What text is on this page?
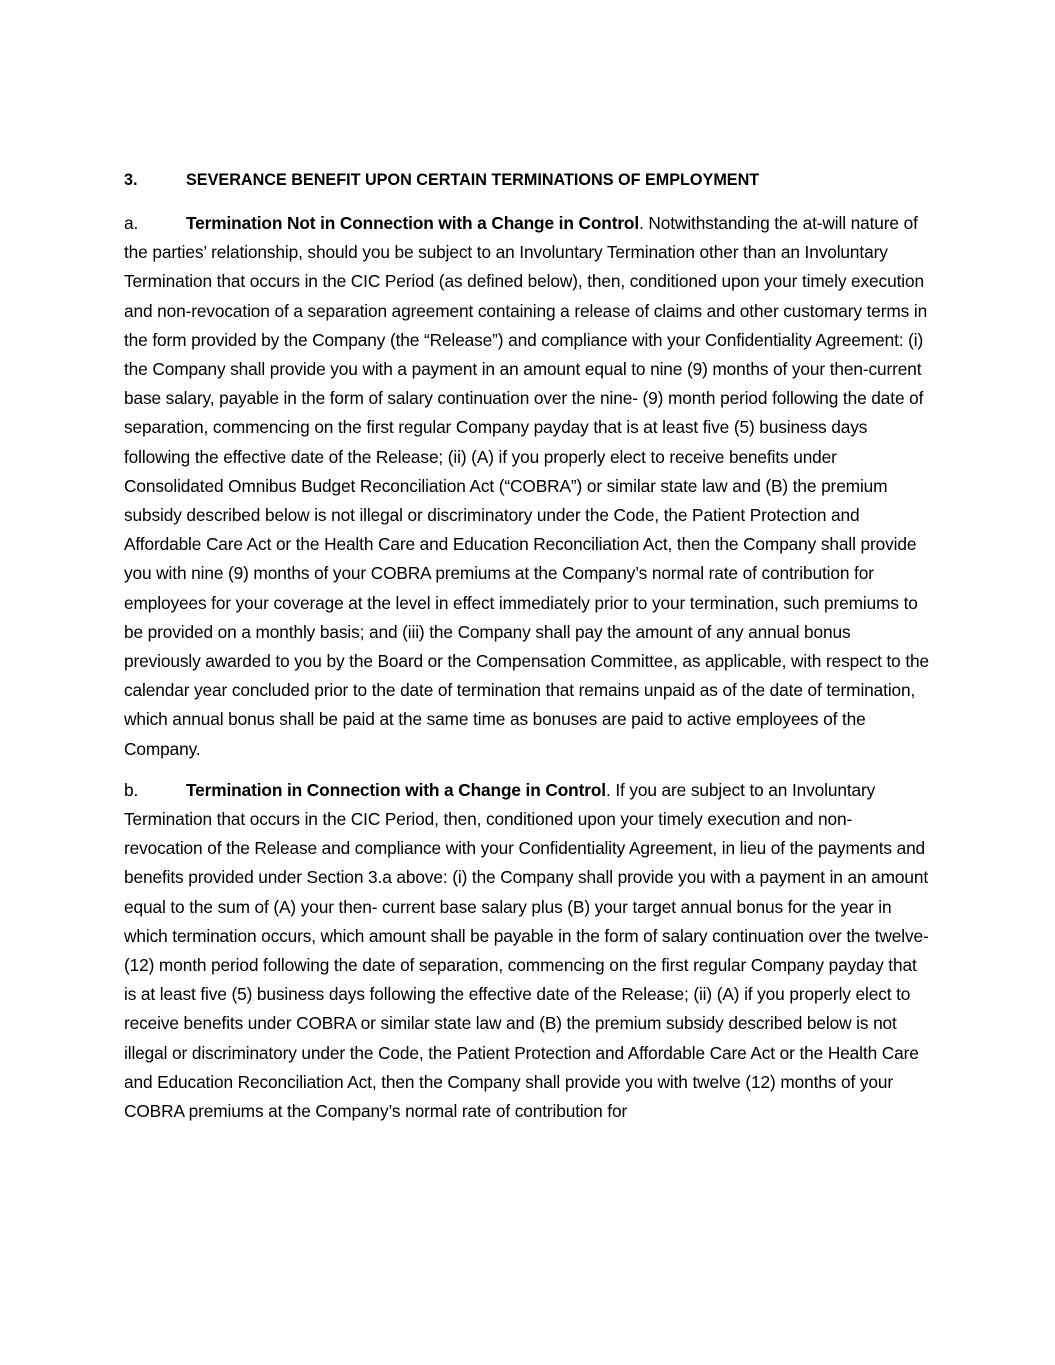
3.	SEVERANCE BENEFIT UPON CERTAIN TERMINATIONS OF EMPLOYMENT

a.	Termination Not in Connection with a Change in Control. Notwithstanding the at-will nature of the parties’ relationship, should you be subject to an Involuntary Termination other than an Involuntary Termination that occurs in the CIC Period (as defined below), then, conditioned upon your timely execution and non-revocation of a separation agreement containing a release of claims and other customary terms in the form provided by the Company (the “Release”) and compliance with your Confidentiality Agreement: (i) the Company shall provide you with a payment in an amount equal to nine (9) months of your then-current base salary, payable in the form of salary continuation over the nine- (9) month period following the date of separation, commencing on the first regular Company payday that is at least five (5) business days following the effective date of the Release; (ii) (A) if you properly elect to receive benefits under Consolidated Omnibus Budget Reconciliation Act (“COBRA”) or similar state law and (B) the premium subsidy described below is not illegal or discriminatory under the Code, the Patient Protection and Affordable Care Act or the Health Care and Education Reconciliation Act, then the Company shall provide you with nine (9) months of your COBRA premiums at the Company’s normal rate of contribution for employees for your coverage at the level in effect immediately prior to your termination, such premiums to be provided on a monthly basis; and (iii) the Company shall pay the amount of any annual bonus previously awarded to you by the Board or the Compensation Committee, as applicable, with respect to the calendar year concluded prior to the date of termination that remains unpaid as of the date of termination, which annual bonus shall be paid at the same time as bonuses are paid to active employees of the Company.

b.	Termination in Connection with a Change in Control. If you are subject to an Involuntary Termination that occurs in the CIC Period, then, conditioned upon your timely execution and non-revocation of the Release and compliance with your Confidentiality Agreement, in lieu of the payments and benefits provided under Section 3.a above: (i) the Company shall provide you with a payment in an amount equal to the sum of (A) your then- current base salary plus (B) your target annual bonus for the year in which termination occurs, which amount shall be payable in the form of salary continuation over the twelve- (12) month period following the date of separation, commencing on the first regular Company payday that is at least five (5) business days following the effective date of the Release; (ii) (A) if you properly elect to receive benefits under COBRA or similar state law and (B) the premium subsidy described below is not illegal or discriminatory under the Code, the Patient Protection and Affordable Care Act or the Health Care and Education Reconciliation Act, then the Company shall provide you with twelve (12) months of your COBRA premiums at the Company’s normal rate of contribution for
